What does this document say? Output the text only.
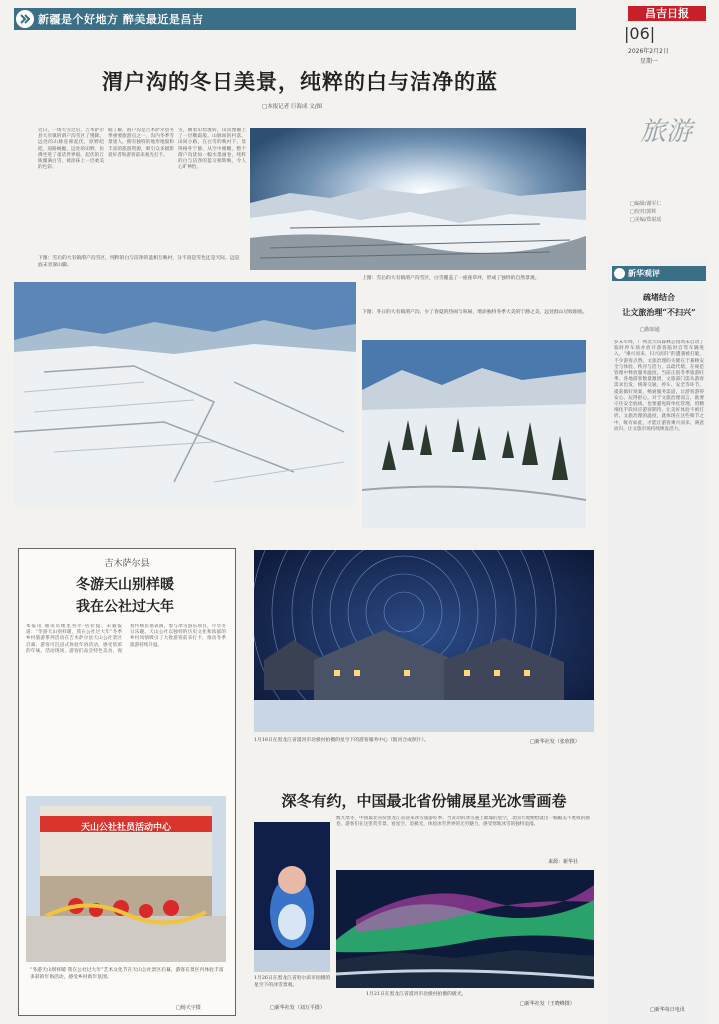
新疆是个好地方 醉美最近是昌吉	昌吉日报
|06|
2026年2月2日
星期一
旅游
□编辑/谢军仁
□校对/郭辉
□美编/郑琨瑶
渭户沟的冬日美景，纯粹的白与洁净的蓝
□本报记者 巨海成 文/图
近日，一场大雪过后，吉木萨尔县大有镇的渭户沟雪区了慢降。远处的山脉连绵起伏，原野皑皑，道路蜿蜒，远处的田野，仿佛坐进了童话世界般。起伏的丘陵覆满白雪，被涂抹上一层柔美的色彩。
据了解，渭户沟是吉木萨尔县冬季重要旅游点之一，沟内冬季雪景迷人，拥有独特的地形地貌和丰富的旅游资源，吸引众多摄影爱好者和游客前来观光打卡。
雪，顺着山势流转，山顶像撒上了一层糖霜般。山脉间的村落、田间小路，在白雪的映衬下，显得格外宁静。从空中俯瞰，整个渭户沟犹如一幅水墨画卷，纯粹的白与洁净的蓝交相辉映，令人心旷神怡。
下图：雪后的大有镇渭户沟雪区，纯粹的白与洁净的蓝相互映衬，分不清是雪色还是天际，远是底末旁深山脚。
上图：雪后的大有镇渭户沟雪区，白雪覆盖了一座座草坪，形成了独特的自然景观。
下图：冬日的大有镇渭户沟，少了春夏的热闹与喧闹，增添独特冬季大美的宁静之美，远处群山尽收眼底。
吉木萨尔县
冬游天山别样暖
我在公社过大年
本报讯 通讯员地里努尔·居拉提、宋毅报道：“冬游天山别样暖，我在公社过大年”冬季乡村旅游系列活动在吉木萨尔县天山公社景区启幕，游客可沉浸式体验年俗活动，感受浓浓的年味。活动现场，游客们品尝特色美食，观看传统民俗表演，参与冰雪游乐项目，尽享冬日乐趣。天山公社以独特的历史文化和浓郁的乡村风情吸引了大批游客前来打卡，推动冬季旅游持续升温。
天山公社社员活动中心
“冬游天山别样暖 我在公社过大年”艺术文化节在天山公社景区启幕，游客在景区内体验丰富多彩的年俗活动，感受乡村新年氛围。
□杨天宇摄
1月18日在黑龙江省漠河市北极村拍摄的星空下的游客服务中心（银河合成照片）。	□新华社发（张欣摄）
深冬有约，中国最北省份铺展星光冰雪画卷
数九寒冬，中国最北省份黑龙江省迎来冰雪旅游旺季。当灵动的冰雪遇上璀璨的星空，北国大地便绘就出一幅幅美不胜收的画卷。游客们在这里赏雪景、看星空、追极光，体验冰雪世界的无穷魅力，感受寒地冰雪的独特浪漫。
来源：新华社
1月26日在黑龙江省哈尔滨市拍摄的星空下的冰雪景观。
□新华社发（刘万平摄）
1月21日在黑龙江省漠河市北极村拍摄的极光。
□新华社发（王晓峰摄）
新华观评
疏堵结合
让文旅治理“不扫兴”
□陈如通
岁末年终，广州北大山森林公园周末启动了临时停车场并放开游客临时自驾车辆进入，“乘兴而来、扫兴而归”的遭遇被打破，不少游客点赞。文旅治理的关键在于兼顾安全与体验、秩序与活力，以疏代堵，在规范管理中释放服务温度。当前正值冬季旅游旺季，各地游客数量激增，文旅部门需从游客需求出发，统筹交通、停车、安全等环节，提前做好预案，畅通服务渠道，让游客游得安心、玩得舒心。对于文旅治理而言，既要守住安全底线，也要避免简单化管理，用精细化手段回应游客期待，让美好体验不被打折。文旅治理的温度，就体现在这些细节之中，唯有如此，才能让游客乘兴而来、满意而归，让文旅市场持续焕发活力。
□新华每日电讯
